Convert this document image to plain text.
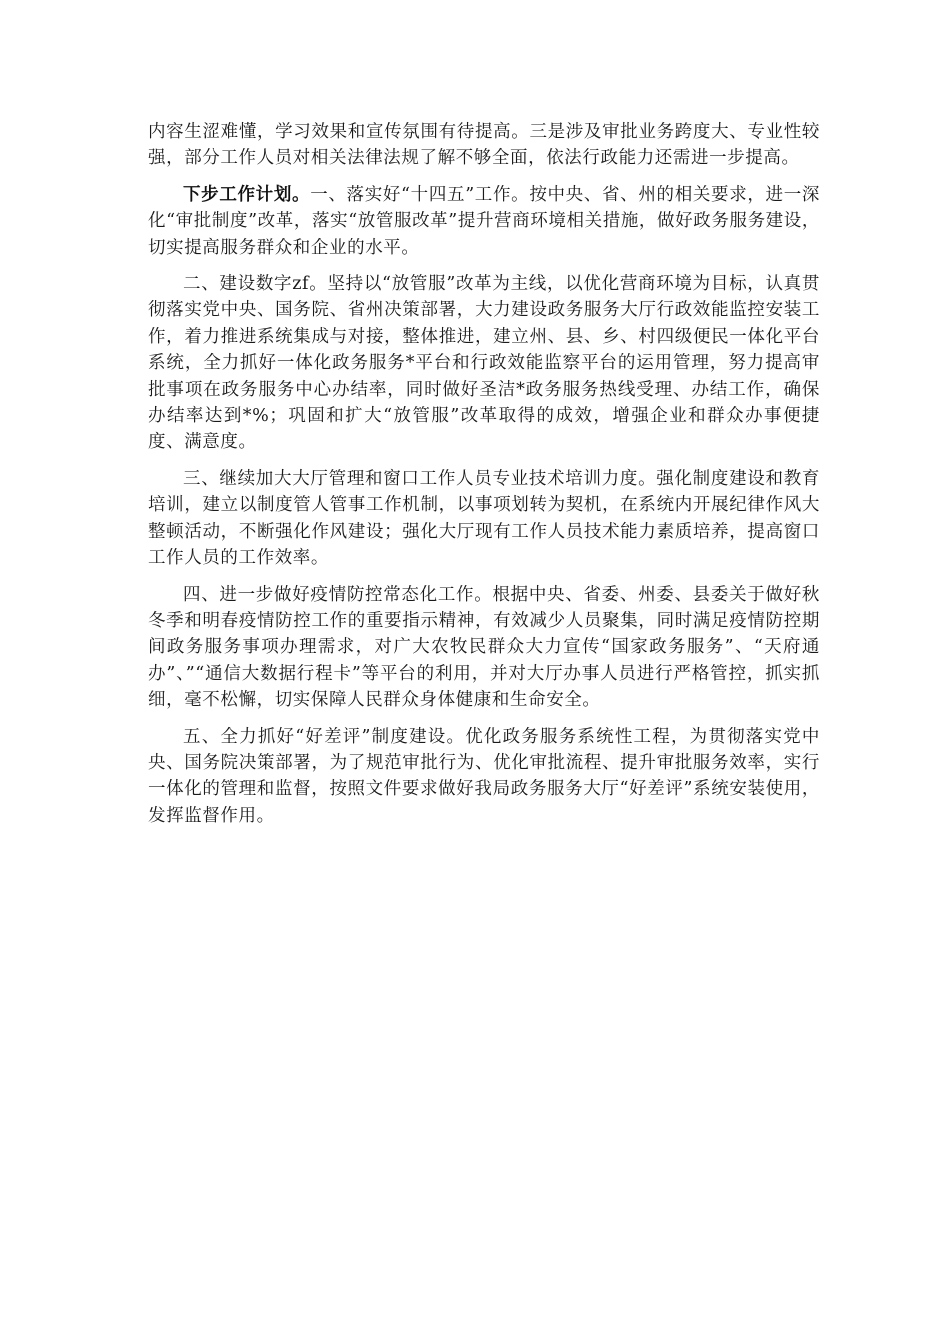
内容生涩难懂，学习效果和宣传氛围有待提高。三是涉及审批业务跨度大、专业性较强，部分工作人员对相关法律法规了解不够全面，依法行政能力还需进一步提高。

下步工作计划。一、落实好“十四五”工作。按中央、省、州的相关要求，进一深化“审批制度”改革，落实“放管服改革”提升营商环境相关措施，做好政务服务建设，切实提高服务群众和企业的水平。

二、建设数字zf。坚持以“放管服”改革为主线，以优化营商环境为目标，认真贯彻落实党中央、国务院、省州决策部署，大力建设政务服务大厅行政效能监控安装工作，着力推进系统集成与对接，整体推进，建立州、县、乡、村四级便民一体化平台系统，全力抓好一体化政务服务*平台和行政效能监察平台的运用管理，努力提高审批事项在政务服务中心办结率，同时做好圣洁*政务服务热线受理、办结工作，确保办结率达到*%；巩固和扩大“放管服”改革取得的成效，增强企业和群众办事便捷度、满意度。

三、继续加大大厅管理和窗口工作人员专业技术培训力度。强化制度建设和教育培训，建立以制度管人管事工作机制，以事项划转为契机，在系统内开展纪律作风大整顿活动，不断强化作风建设；强化大厅现有工作人员技术能力素质培养，提高窗口工作人员的工作效率。

四、进一步做好疫情防控常态化工作。根据中央、省委、州委、县委关于做好秋冬季和明春疫情防控工作的重要指示精神，有效减少人员聚集，同时满足疫情防控期间政务服务事项办理需求，对广大农牧民群众大力宣传“国家政务服务”、“天府通办”、”“通信大数据行程卡”等平台的利用，并对大厅办事人员进行严格管控，抓实抓细，毫不松懈，切实保障人民群众身体健康和生命安全。

五、全力抓好“好差评”制度建设。优化政务服务系统性工程，为贯彻落实党中央、国务院决策部署，为了规范审批行为、优化审批流程、提升审批服务效率，实行一体化的管理和监督，按照文件要求做好我局政务服务大厅“好差评”系统安装使用，发挥监督作用。
